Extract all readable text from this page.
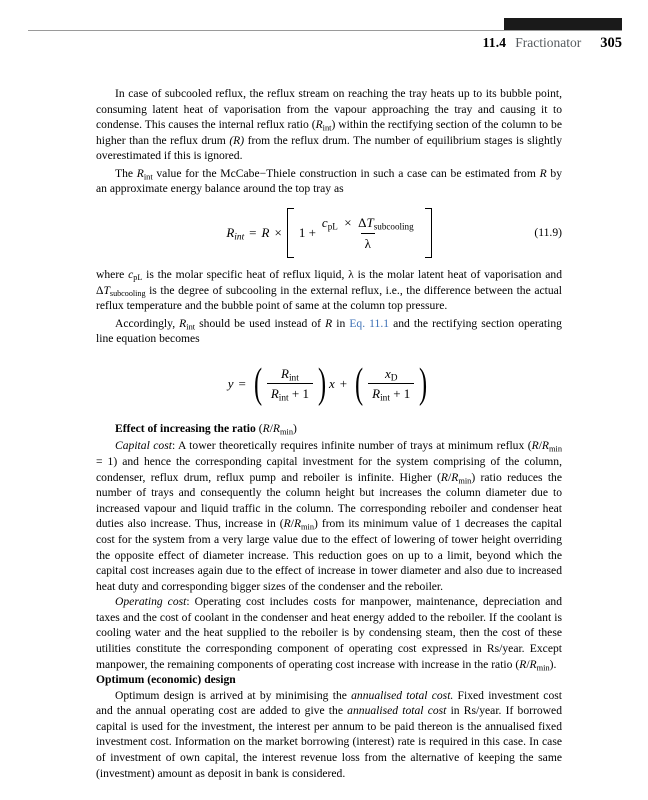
11.4 Fractionator 305

In case of subcooled reflux, the reflux stream on reaching the tray heats up to its bubble point, consuming latent heat of vaporisation from the vapour approaching the tray and causing it to condense. This causes the internal reflux ratio $(R_{int})$ within the rectifying section of the column to be higher than the reflux drum (R) from the reflux drum. The number of equilibrium stages is slightly overestimated if this is ignored.

The $R_{int}$ value for the McCabe−Thiele construction in such a case can be estimated from R by an approximate energy balance around the top tray as

$R_{int} = R \times 1 + \frac{\text{cpL  ×  ΔTsubcooling}}{\lambda}$	(11.9)

where cpL is the molar specific heat of reflux liquid, λ is the molar latent heat of vaporisation and ΔTsubcooling is the degree of subcooling in the external reflux, i.e., the difference between the actual reflux temperature and the bubble point of same at the column top pressure.

Accordingly, $R_{int}$ should be used instead of R in Eq. 11.1 and the rectifying section operating line equation becomes

y = ( $\frac{R_{int}}{R_{int} + 1}$ ) x + ( $\frac{x_D}{R_{int} + 1}$ )

Effect of increasing the ratio $(R/R_{min})$

Capital cost: A tower theoretically requires infinite number of trays at minimum reflux $(R/R_{min} = 1)$ and hence the corresponding capital investment for the system comprising of the column, condenser, reflux drum, reflux pump and reboiler is infinite. Higher $(R/R_{min})$ ratio reduces the number of trays and consequently the column height but increases the column diameter due to increased vapour and liquid traffic in the column. The corresponding reboiler and condenser heat duties also increase. Thus, increase in $(R/R_{min})$ from its minimum value of 1 decreases the capital cost for the system from a very large value due to the effect of lowering of tower height overriding the opposite effect of diameter increase. This reduction goes on up to a limit, beyond which the capital cost increases again due to the effect of increase in tower diameter and also due to increased heat duty and corresponding bigger sizes of the condenser and the reboiler.

Operating cost: Operating cost includes costs for manpower, maintenance, depreciation and taxes and the cost of coolant in the condenser and heat energy added to the reboiler. If the coolant is cooling water and the heat supplied to the reboiler is by condensing steam, then the cost of these utilities constitute the corresponding component of operating cost expressed in Rs/year. Except manpower, the remaining components of operating cost increase with increase in the ratio $(R/R_{min})$.

Optimum (economic) design

Optimum design is arrived at by minimising the annualised total cost. Fixed investment cost and the annual operating cost are added to give the annualised total cost in Rs/year. If borrowed capital is used for the investment, the interest per annum to be paid thereon is the annualised fixed investment cost. Information on the market borrowing (interest) rate is required in this case. In case of investment of own capital, the interest revenue loss from the alternative of keeping the same (investment) amount as deposit in bank is considered.
